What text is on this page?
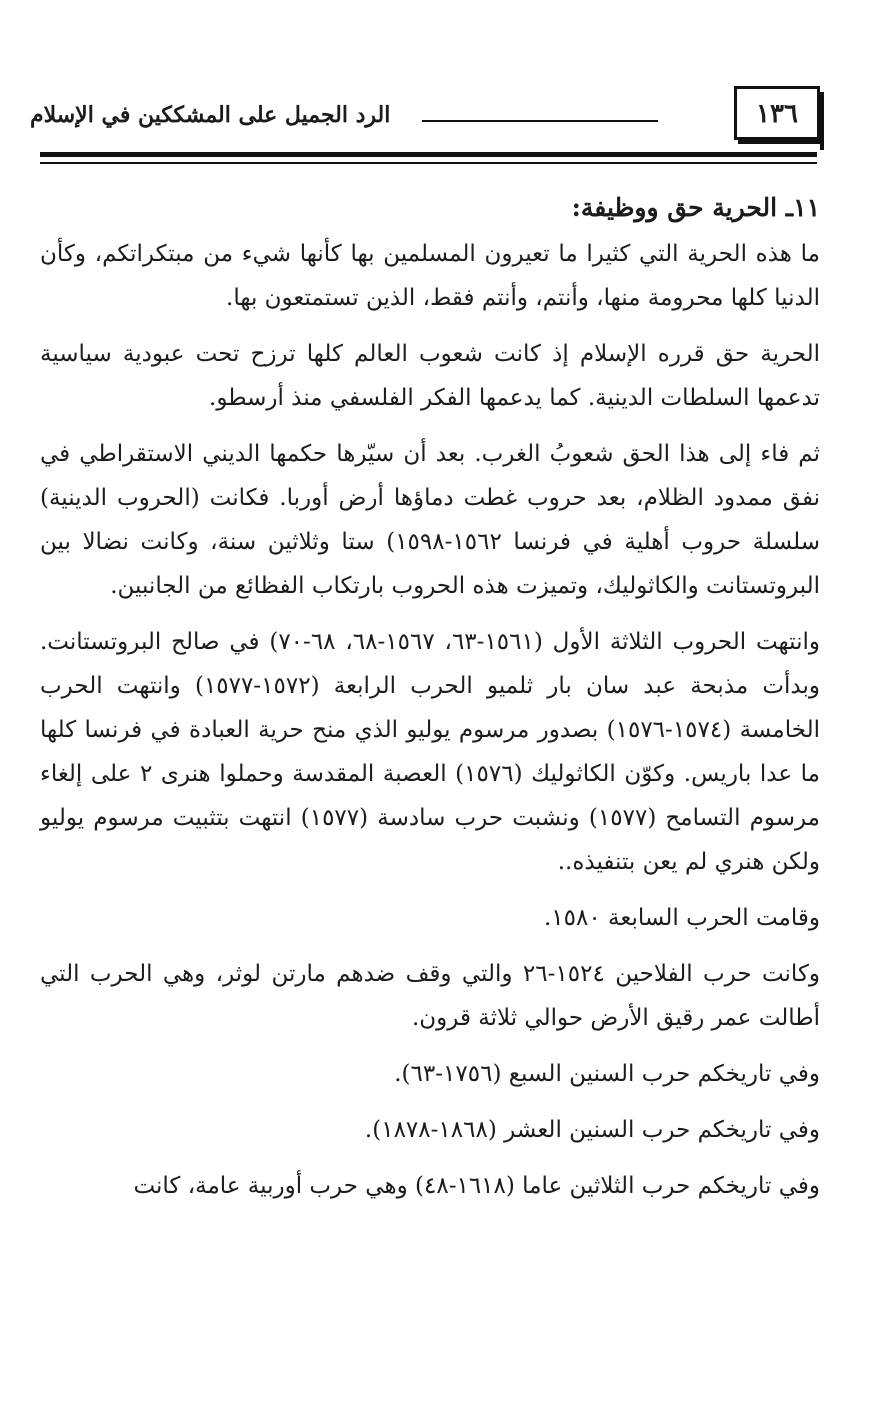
١٣٦
الرد الجميل على المشككين في الإسلام
١١ـ الحرية حق ووظيفة:

ما هذه الحرية التي كثيرا ما تعيرون المسلمين بها كأنها شيء من مبتكراتكم، وكأن الدنيا كلها محرومة منها، وأنتم، وأنتم فقط، الذين تستمتعون بها.

الحرية حق قرره الإسلام إذ كانت شعوب العالم كلها ترزح تحت عبودية سياسية تدعمها السلطات الدينية. كما يدعمها الفكر الفلسفي منذ أرسطو.

ثم فاء إلى هذا الحق شعوبُ الغرب. بعد أن سيّرها حكمها الديني الاستقراطي في نفق ممدود الظلام، بعد حروب غطت دماؤها أرض أوربا. فكانت (الحروب الدينية) سلسلة حروب أهلية في فرنسا ١٥٦٢-١٥٩٨) ستا وثلاثين سنة، وكانت نضالا بين البروتستانت والكاثوليك، وتميزت هذه الحروب بارتكاب الفظائع من الجانبين.

وانتهت الحروب الثلاثة الأول (١٥٦١-٦٣، ١٥٦٧-٦٨، ٦٨-٧٠) في صالح البروتستانت. وبدأت مذبحة عبد سان بار ثلميو الحرب الرابعة (١٥٧٢-١٥٧٧) وانتهت الحرب الخامسة (١٥٧٤-١٥٧٦) بصدور مرسوم يوليو الذي منح حرية العبادة في فرنسا كلها ما عدا باريس. وكوّن الكاثوليك (١٥٧٦) العصبة المقدسة وحملوا هنرى ٢ على إلغاء مرسوم التسامح (١٥٧٧) ونشبت حرب سادسة (١٥٧٧) انتهت بتثبيت مرسوم يوليو ولكن هنري لم يعن بتنفيذه..

وقامت الحرب السابعة ١٥٨٠.

وكانت حرب الفلاحين ١٥٢٤-٢٦ والتي وقف ضدهم مارتن لوثر، وهي الحرب التي أطالت عمر رقيق الأرض حوالي ثلاثة قرون.

وفي تاريخكم حرب السنين السبع (١٧٥٦-٦٣).

وفي تاريخكم حرب السنين العشر (١٨٦٨-١٨٧٨).

وفي تاريخكم حرب الثلاثين عاما (١٦١٨-٤٨) وهي حرب أوربية عامة، كانت
